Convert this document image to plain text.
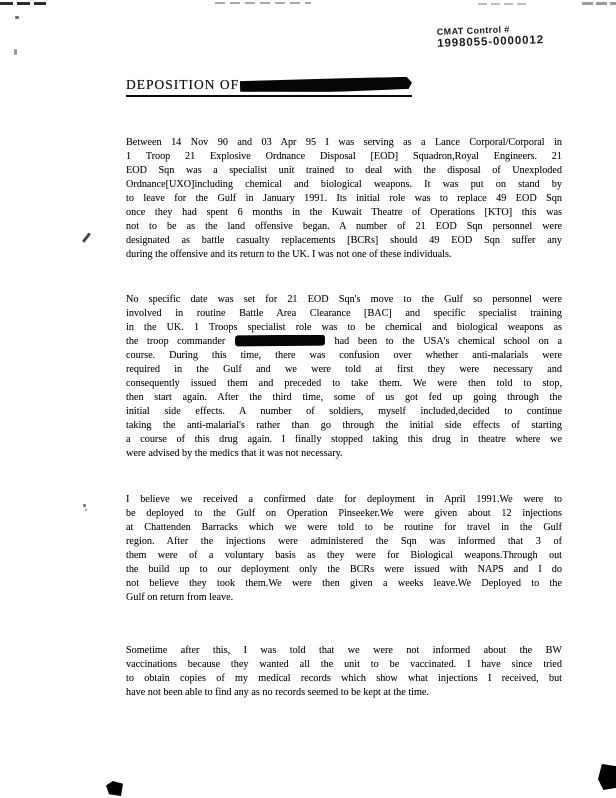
CMAT Control #
1998055-0000012
DEPOSITION OF
Between 14 Nov 90 and 03 Apr 95 I was serving as a Lance Corporal/Corporal in
1 Troop 21 Explosive Ordnance Disposal [EOD] Squadron,Royal Engineers. 21
EOD Sqn was a specialist unit trained to deal with the disposal of Unexploded
Ordnance[UXO]including chemical and biological weapons. It was put on stand by
to leave for the Gulf in January 1991. Its initial role was to replace 49 EOD Sqn
once they had spent 6 months in the Kuwait Theatre of Operations [KTO] this was
not to be as the land offensive began. A number of 21 EOD Sqn personnel were
designated as battle casualty replacements [BCRs] should 49 EOD Sqn suffer any
during the offensive and its return to the UK. I was not one of these individuals.
No specific date was set for 21 EOD Sqn's move to the Gulf so personnel were
involved in routine Battle Area Clearance [BAC] and specific specialist training
in the UK. 1 Troops specialist role was to be chemical and biological weapons as
the troop commander	had been to the USA's chemical school on a
course. During this time, there was confusion over whether anti-malarials were
required in the Gulf and we were told at first they were necessary and
consequently issued them and preceded to take them. We were then told to stop,
then start again. After the third time, some of us got fed up going through the
initial side effects. A number of soldiers, myself included,decided to continue
taking the anti-malarial's rather than go through the initial side effects of starting
a course of this drug again. I finally stopped taking this drug in theatre where we
were advised by the medics that it was not necessary.
I believe we received a confirmed date for deployment in April 1991.We were to
be deployed to the Gulf on Operation Pinseeker.We were given about 12 injections
at Chattenden Barracks which we were told to be routine for travel in the Gulf
region. After the injections were administered the Sqn was informed that 3 of
them were of a voluntary basis as they were for Biological weapons.Through out
the build up to our deployment only the BCRs were issued with NAPS and I do
not believe they took them.We were then given a weeks leave.We Deployed to the
Gulf on return from leave.
Sometime after this, I was told that we were not informed about the BW
vaccinations because they wanted all the unit to be vaccinated. I have since tried
to obtain copies of my medical records which show what injections I received, but
have not been able to find any as no records seemed to be kept at the time.
